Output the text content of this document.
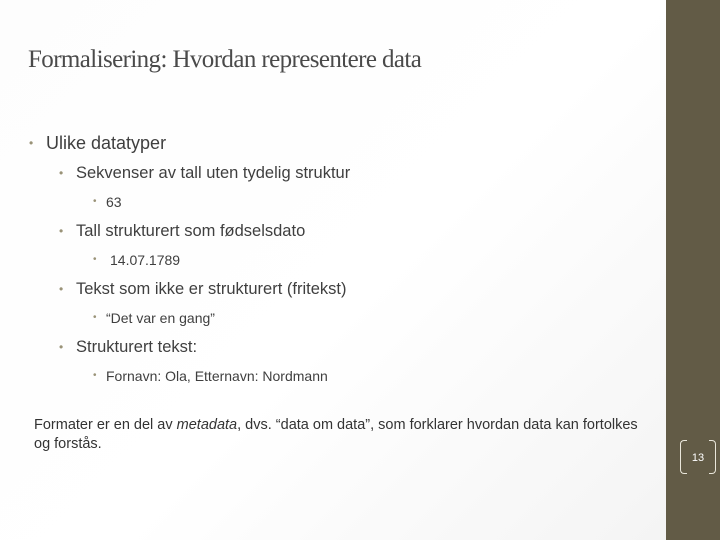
Formalisering: Hvordan representere data
• Ulike datatyper
• Sekvenser av tall uten tydelig struktur
• 63
• Tall strukturert som fødselsdato
• 14.07.1789
• Tekst som ikke er strukturert (fritekst)
• “Det var en gang”
• Strukturert tekst:
• Fornavn: Ola, Etternavn: Nordmann

Formater er en del av metadata, dvs. “data om data”, som forklarer hvordan data kan fortolkes og forstås.

13
